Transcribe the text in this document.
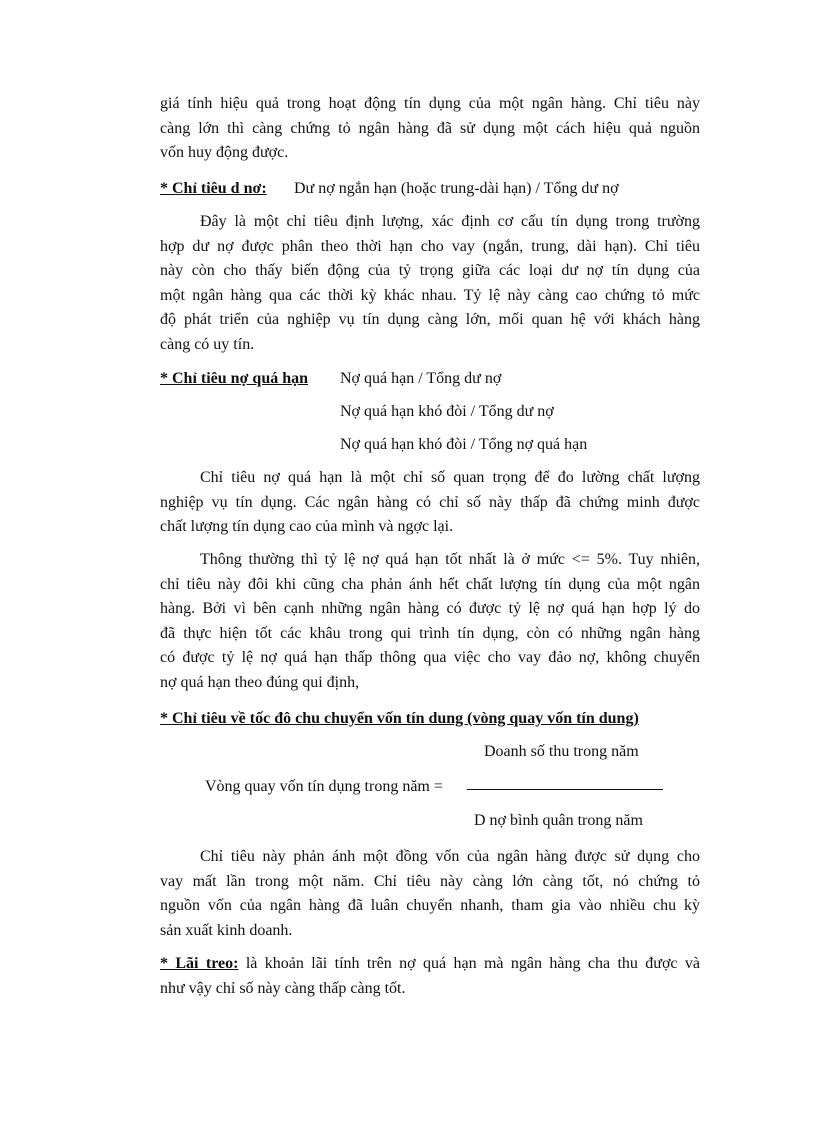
giá tính hiệu quả trong hoạt động tín dụng của một ngân hàng. Chỉ tiêu này
càng lớn thì càng chứng tỏ ngân hàng đã sử dụng một cách hiệu quả nguồn
vốn huy động được.
* Chỉ tiêu d nơ: Dư nợ ngắn hạn (hoặc trung-dài hạn) / Tổng dư nợ
Đây là một chỉ tiêu định lượng, xác định cơ cấu tín dụng trong trường
hợp dư nợ được phân theo thời hạn cho vay (ngắn, trung, dài hạn). Chỉ tiêu
này còn cho thấy biến động của tỷ trọng giữa các loại dư nợ tín dụng của
một ngân hàng qua các thời kỳ khác nhau. Tỷ lệ này càng cao chứng tỏ mức
độ phát triển của nghiệp vụ tín dụng càng lớn, mối quan hệ với khách hàng
càng có uy tín.
* Chỉ tiêu nợ quá hạn Nợ quá hạn / Tổng dư nợ
Nợ quá hạn khó đòi / Tổng dư nợ
Nợ quá hạn khó đòi / Tổng nợ quá hạn
Chỉ tiêu nợ quá hạn là một chỉ số quan trọng để đo lường chất lượng
nghiệp vụ tín dụng. Các ngân hàng có chỉ số này thấp đã chứng minh được
chất lượng tín dụng cao của mình và ngợc lại.
Thông thường thì tỷ lệ nợ quá hạn tốt nhất là ở mức <= 5%. Tuy nhiên,
chỉ tiêu này đôi khi cũng cha phản ánh hết chất lượng tín dụng của một ngân
hàng. Bởi vì bên cạnh những ngân hàng có được tỷ lệ nợ quá hạn hợp lý do
đã thực hiện tốt các khâu trong qui trình tín dụng, còn có những ngân hàng
có được tỷ lệ nợ quá hạn thấp thông qua việc cho vay đảo nợ, không chuyển
nợ quá hạn theo đúng qui định,
* Chỉ tiêu về tốc đô chu chuyển vốn tín dung (vòng quay vốn tín dung)
Doanh số thu trong năm
Vòng quay vốn tín dụng trong năm =
D nợ bình quân trong năm
Chỉ tiêu này phản ánh một đồng vốn của ngân hàng được sử dụng cho
vay mất lần trong một năm. Chỉ tiêu này càng lớn càng tốt, nó chứng tỏ
nguồn vốn của ngân hàng đã luân chuyển nhanh, tham gia vào nhiều chu kỳ
sản xuất kinh doanh.
* Lãi treo: là khoản lãi tính trên nợ quá hạn mà ngân hàng cha thu được và
như vậy chỉ số này càng thấp càng tốt.
